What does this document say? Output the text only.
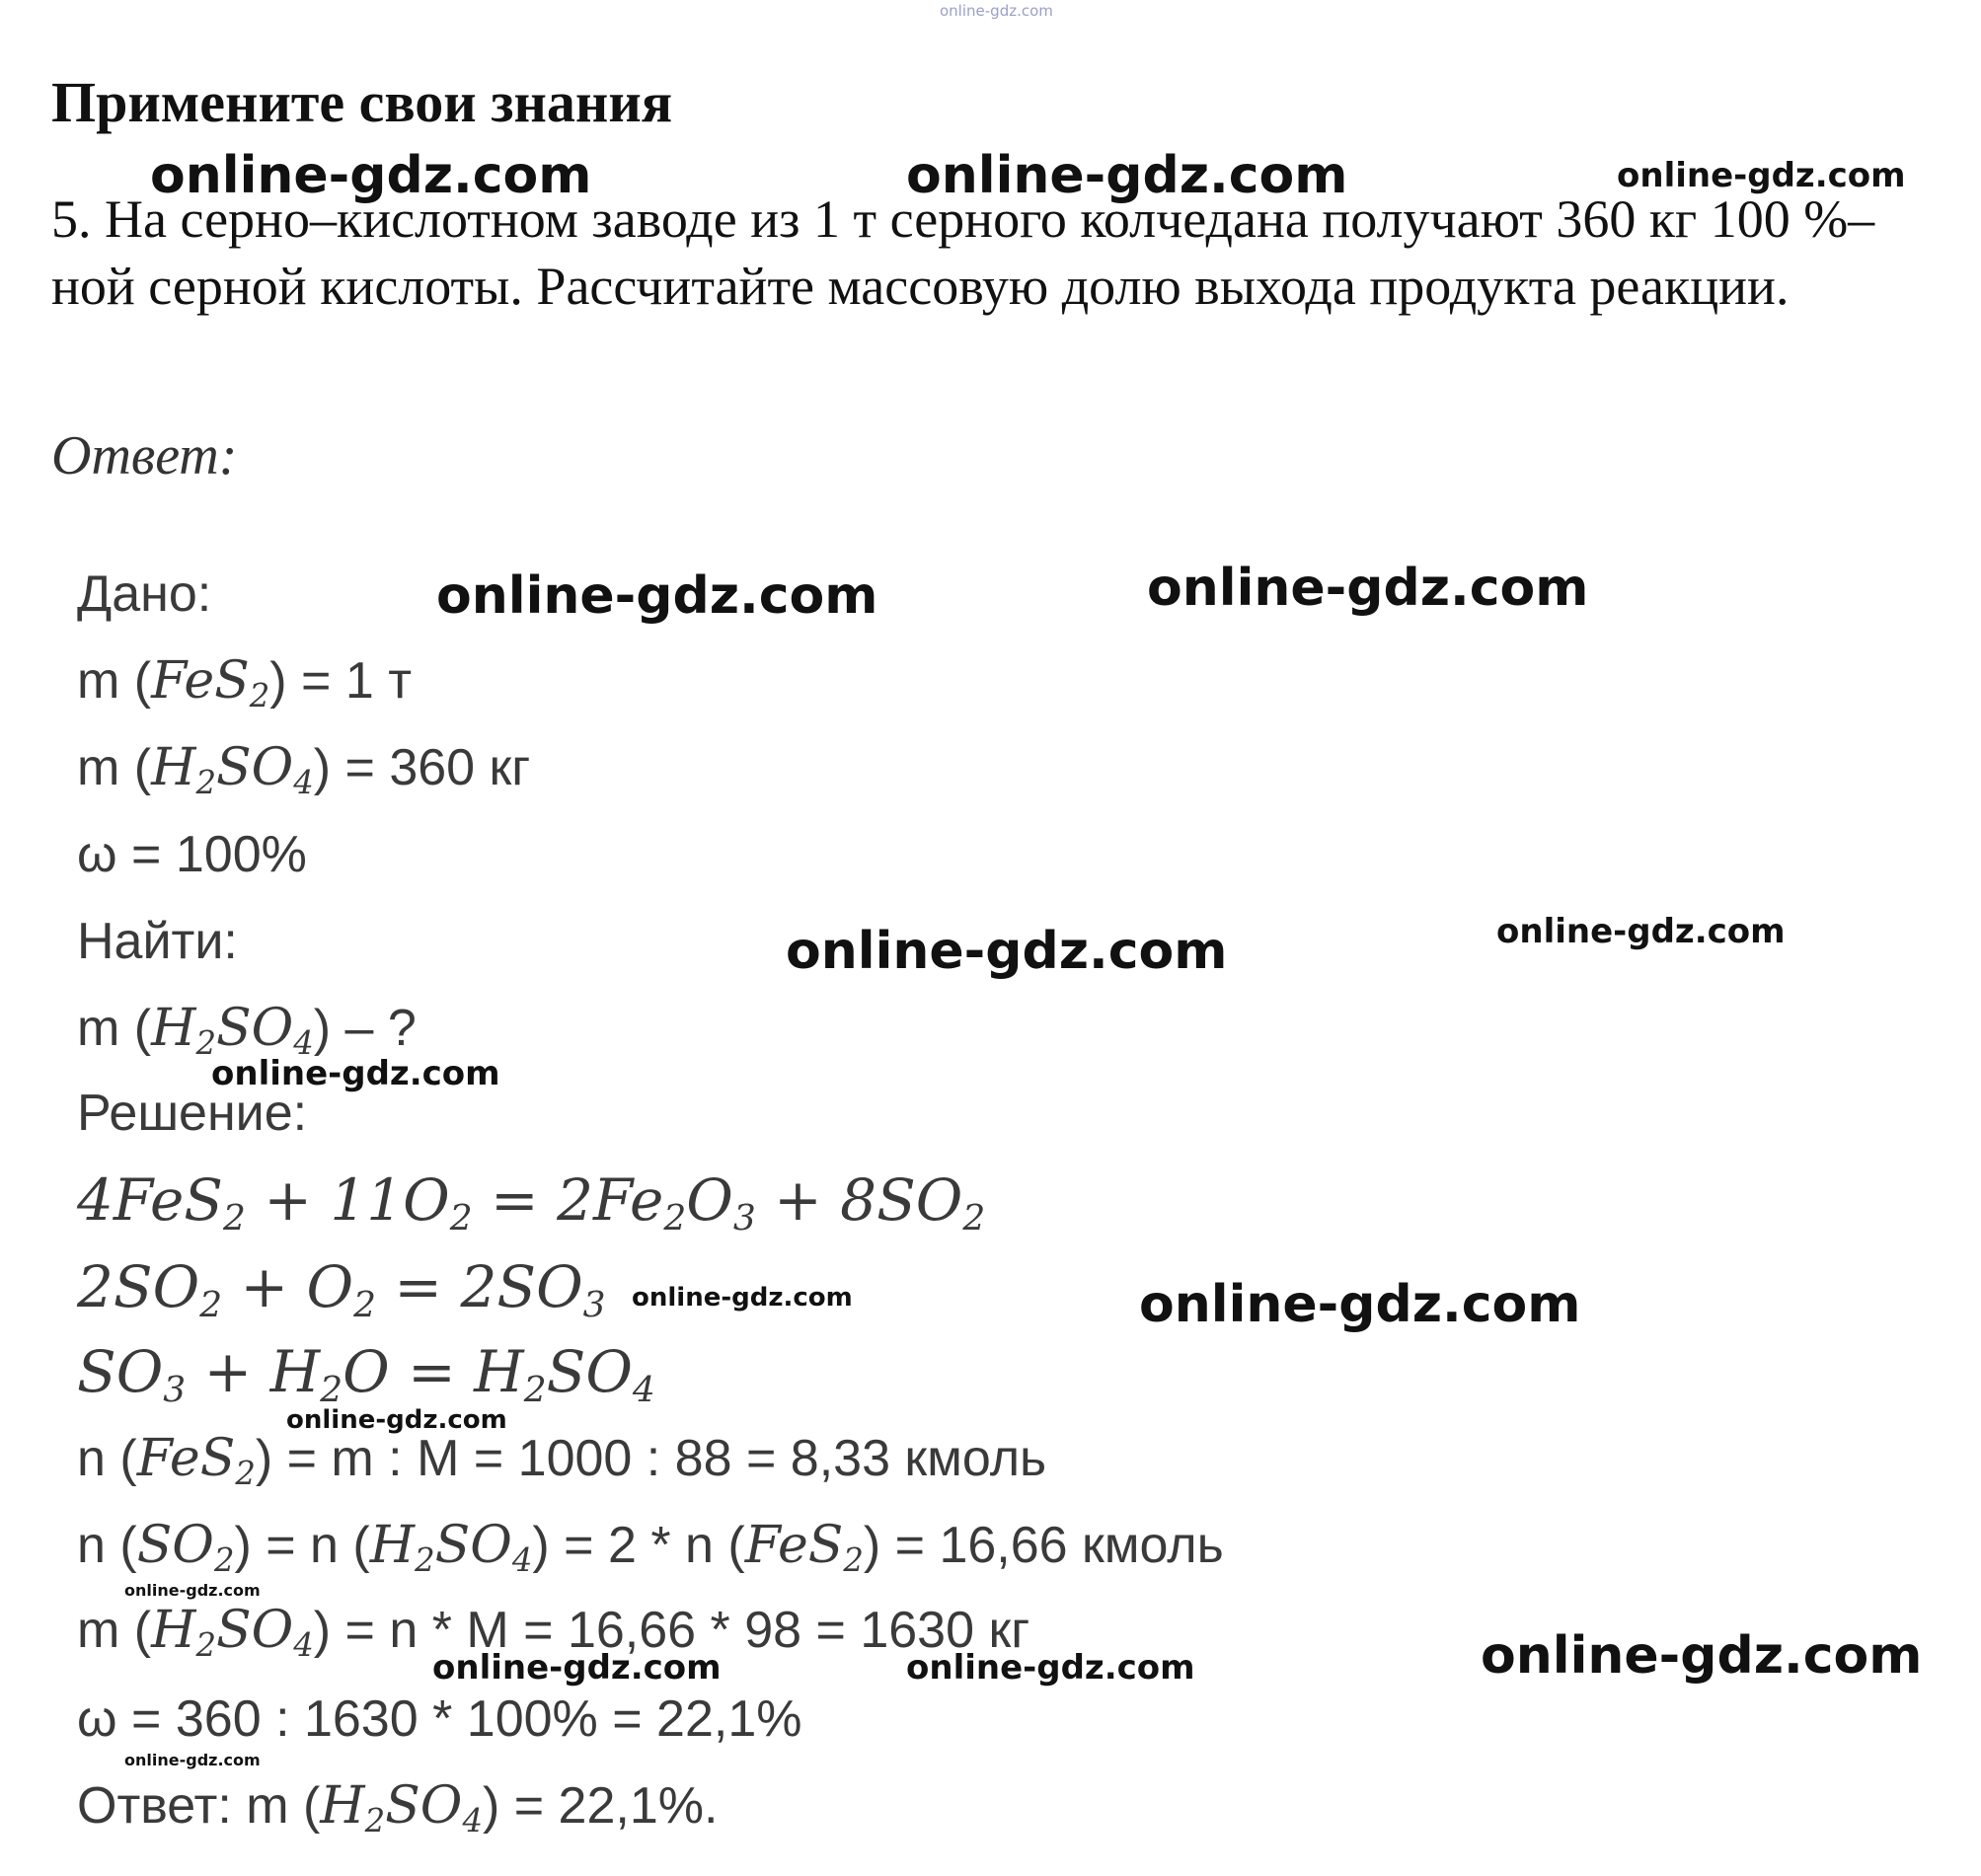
online-gdz.com
Примените свои знания

5. На серно–кислотном заводе из 1 т серного колчедана получают 360 кг 100 %–ной серной кислоты. Рассчитайте массовую долю выхода продукта реакции.

Ответ:
Дано:
m (FeS$_2$) = 1 т
m $(H_2SO_4) = 360$ кг
ω = 100%
Найти:
m $(H_2SO_4)$ – ?
Решение:
$4FeS_2 + 11O_2 = 2Fe_2O_3 + 8SO_2$
$2SO_2 + O_2 = 2SO_3$
$SO_3 + H_2O = H_2SO_4$
n (FeS$_2$) = m : M = 1000 : 88 = 8,33 кмоль
n $(SO_2) = n$ $(H_2SO_4) = 2 * n$ (FeS$_2$) = 16,66 кмоль
m $(H_2SO_4) = n * M = 16,66 * 98 = 1630$ кг
ω = 360 : 1630 * 100% = 22,1%
Ответ: m $(H_2SO_4) = 22,1\%$.
online-gdz.com	online-gdz.com	online-gdz.com
online-gdz.com	online-gdz.com
online-gdz.com	online-gdz.com
online-gdz.com
online-gdz.com	online-gdz.com
online-gdz.com
online-gdz.com
online-gdz.com	online-gdz.com	online-gdz.com
online-gdz.com
